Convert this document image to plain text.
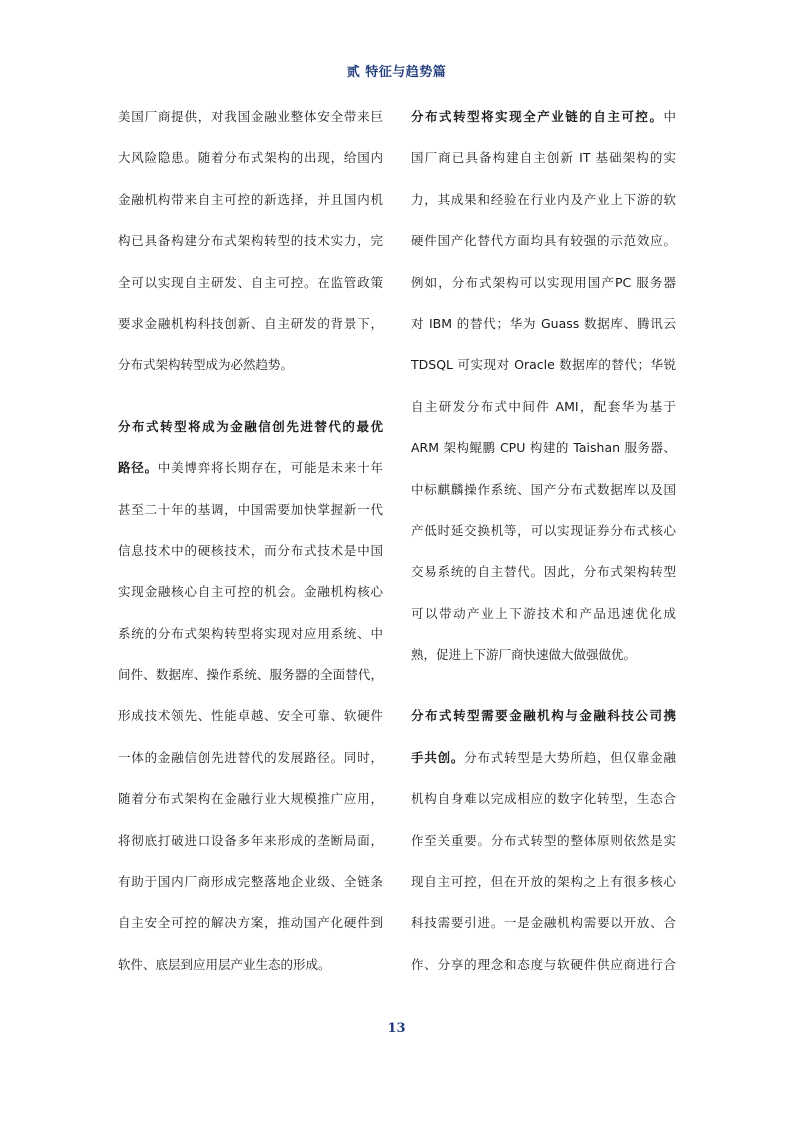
贰 特征与趋势篇
美国厂商提供，对我国金融业整体安全带来巨
大风险隐患。随着分布式架构的出现，给国内
金融机构带来自主可控的新选择，并且国内机
构已具备构建分布式架构转型的技术实力，完
全可以实现自主研发、自主可控。在监管政策
要求金融机构科技创新、自主研发的背景下，
分布式架构转型成为必然趋势。
分布式转型将成为金融信创先进替代的最优
路径。中美博弈将长期存在，可能是未来十年
甚至二十年的基调，中国需要加快掌握新一代
信息技术中的硬核技术，而分布式技术是中国
实现金融核心自主可控的机会。金融机构核心
系统的分布式架构转型将实现对应用系统、中
间件、数据库、操作系统、服务器的全面替代，
形成技术领先、性能卓越、安全可靠、软硬件
一体的金融信创先进替代的发展路径。同时，
随着分布式架构在金融行业大规模推广应用，
将彻底打破进口设备多年来形成的垄断局面，
有助于国内厂商形成完整落地企业级、全链条
自主安全可控的解决方案，推动国产化硬件到
软件、底层到应用层产业生态的形成。
分布式转型将实现全产业链的自主可控。中
国厂商已具备构建自主创新 IT 基础架构的实
力，其成果和经验在行业内及产业上下游的软
硬件国产化替代方面均具有较强的示范效应。
例如，分布式架构可以实现用国产PC 服务器
对 IBM 的替代；华为 Guass 数据库、腾讯云
TDSQL 可实现对 Oracle 数据库的替代；华锐
自主研发分布式中间件 AMI，配套华为基于
ARM 架构鲲鹏 CPU 构建的 Taishan 服务器、
中标麒麟操作系统、国产分布式数据库以及国
产低时延交换机等，可以实现证券分布式核心
交易系统的自主替代。因此，分布式架构转型
可以带动产业上下游技术和产品迅速优化成
熟，促进上下游厂商快速做大做强做优。
分布式转型需要金融机构与金融科技公司携
手共创。分布式转型是大势所趋，但仅靠金融
机构自身难以完成相应的数字化转型，生态合
作至关重要。分布式转型的整体原则依然是实
现自主可控，但在开放的架构之上有很多核心
科技需要引进。一是金融机构需要以开放、合
作、分享的理念和态度与软硬件供应商进行合
13
